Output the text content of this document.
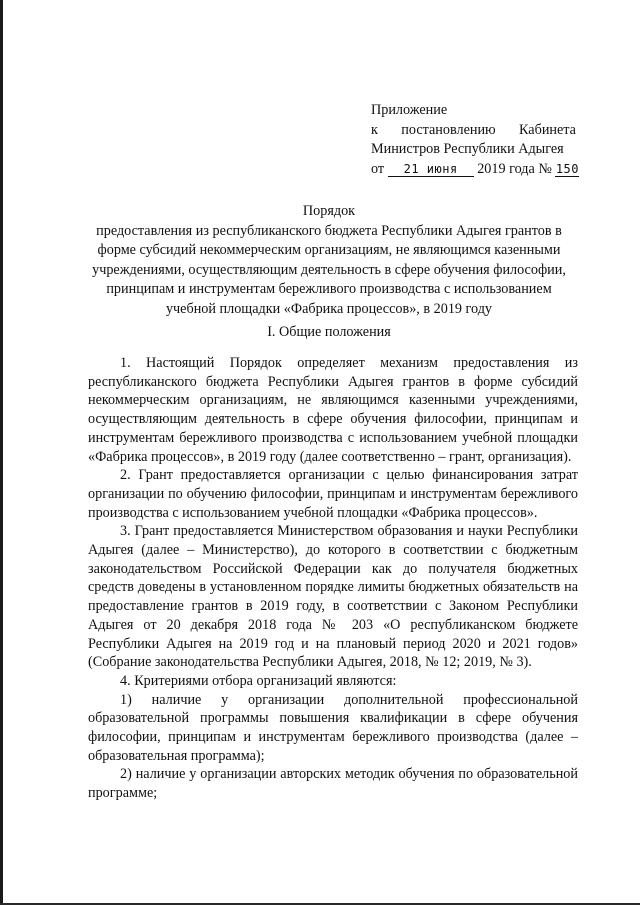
Приложение
к постановлению Кабинета
Министров Республики Адыгея
от 21 июня 2019 года № 150
Порядок
предоставления из республиканского бюджета Республики Адыгея грантов в
форме субсидий некоммерческим организациям, не являющимся казенными
учреждениями, осуществляющим деятельность в сфере обучения философии,
принципам и инструментам бережливого производства с использованием
учебной площадки «Фабрика процессов», в 2019 году
I. Общие положения

1. Настоящий Порядок определяет механизм предоставления из республиканского бюджета Республики Адыгея грантов в форме субсидий некоммерческим организациям, не являющимся казенными учреждениями, осуществляющим деятельность в сфере обучения философии, принципам и инструментам бережливого производства с использованием учебной площадки «Фабрика процессов», в 2019 году (далее соответственно – грант, организация).

2. Грант предоставляется организации с целью финансирования затрат организации по обучению философии, принципам и инструментам бережливого производства с использованием учебной площадки «Фабрика процессов».

3. Грант предоставляется Министерством образования и науки Республики Адыгея (далее – Министерство), до которого в соответствии с бюджетным законодательством Российской Федерации как до получателя бюджетных средств доведены в установленном порядке лимиты бюджетных обязательств на предоставление грантов в 2019 году, в соответствии с Законом Республики Адыгея от 20 декабря 2018 года № 203 «О республиканском бюджете Республики Адыгея на 2019 год и на плановый период 2020 и 2021 годов» (Собрание законодательства Республики Адыгея, 2018, № 12; 2019, № 3).

4. Критериями отбора организаций являются:

1) наличие у организации дополнительной профессиональной образовательной программы повышения квалификации в сфере обучения философии, принципам и инструментам бережливого производства (далее – образовательная программа);

2) наличие у организации авторских методик обучения по образовательной программе;
